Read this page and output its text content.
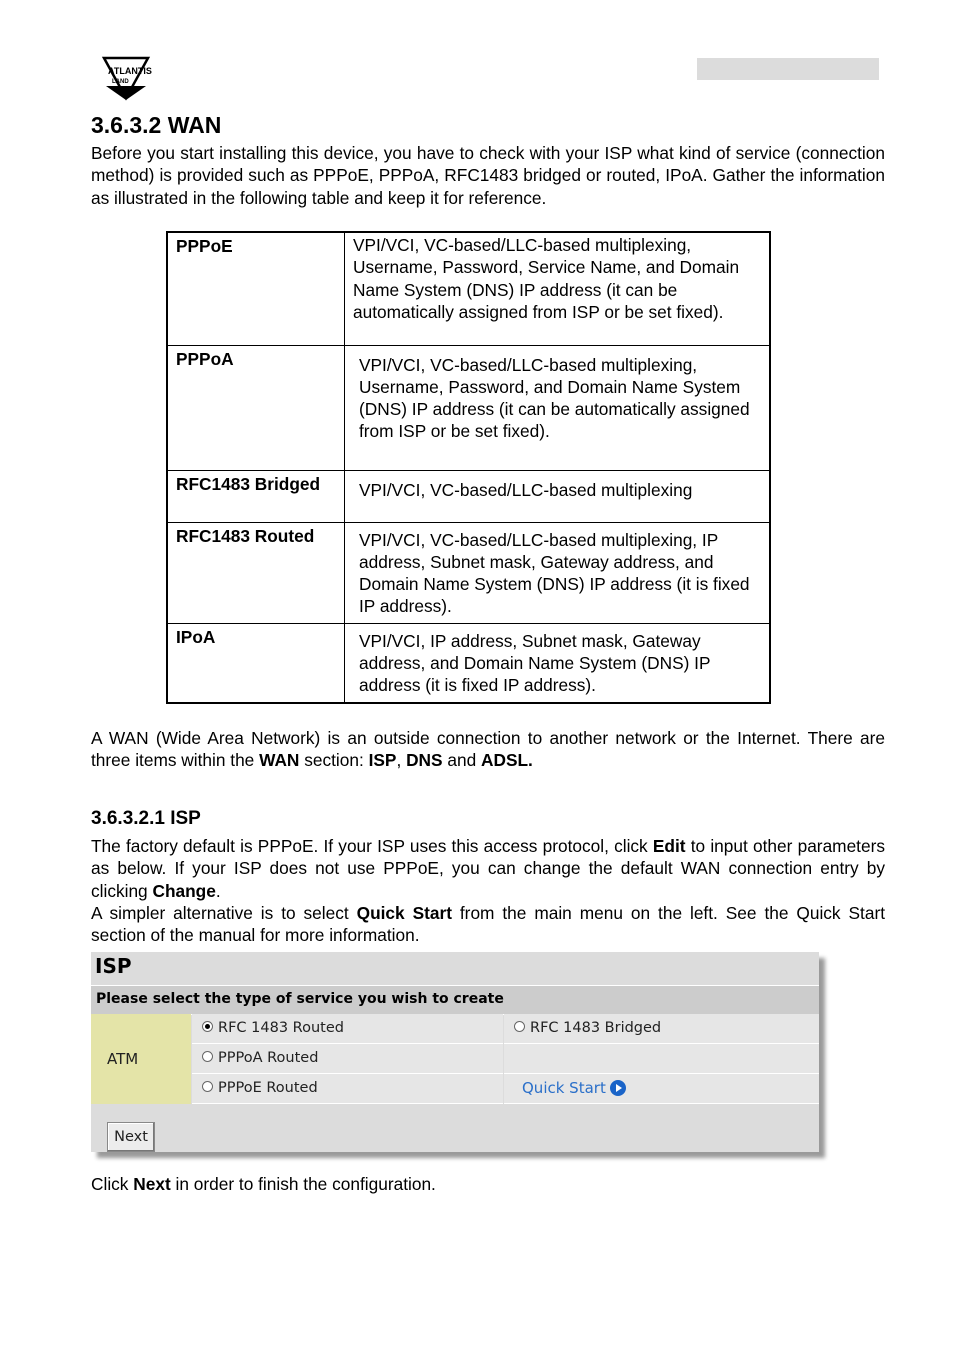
ATLANTIS
LAND
3.6.3.2 WAN

Before you start installing this device, you have to check with your ISP what kind of service (connection method) is provided such as PPPoE, PPPoA, RFC1483 bridged or routed, IPoA. Gather the information as illustrated in the following table and keep it for reference.

PPPoE	VPI/VCI, VC-based/LLC-based multiplexing, Username, Password, Service Name, and Domain Name System (DNS) IP address (it can be automatically assigned from ISP or be set fixed).
PPPoA	VPI/VCI, VC-based/LLC-based multiplexing, Username, Password, and Domain Name System (DNS) IP address (it can be automatically assigned from ISP or be set fixed).
RFC1483 Bridged	VPI/VCI, VC-based/LLC-based multiplexing
RFC1483 Routed	VPI/VCI, VC-based/LLC-based multiplexing, IP address, Subnet mask, Gateway address, and Domain Name System (DNS) IP address (it is fixed IP address).
IPoA	VPI/VCI, IP address, Subnet mask, Gateway address, and Domain Name System (DNS) IP address (it is fixed IP address).

A WAN (Wide Area Network) is an outside connection to another network or the Internet. There are three items within the WAN section: ISP, DNS and ADSL.

3.6.3.2.1 ISP

The factory default is PPPoE. If your ISP uses this access protocol, click Edit to input other parameters as below. If your ISP does not use PPPoE, you can change the default WAN connection entry by clicking Change.

A simpler alternative is to select Quick Start from the main menu on the left. See the Quick Start section of the manual for more information.

ISP
Please select the type of service you wish to create
ATM
RFC 1483 Routed	RFC 1483 Bridged
PPPoA Routed
PPPoE Routed	Quick Start
Next

Click Next in order to finish the configuration.
